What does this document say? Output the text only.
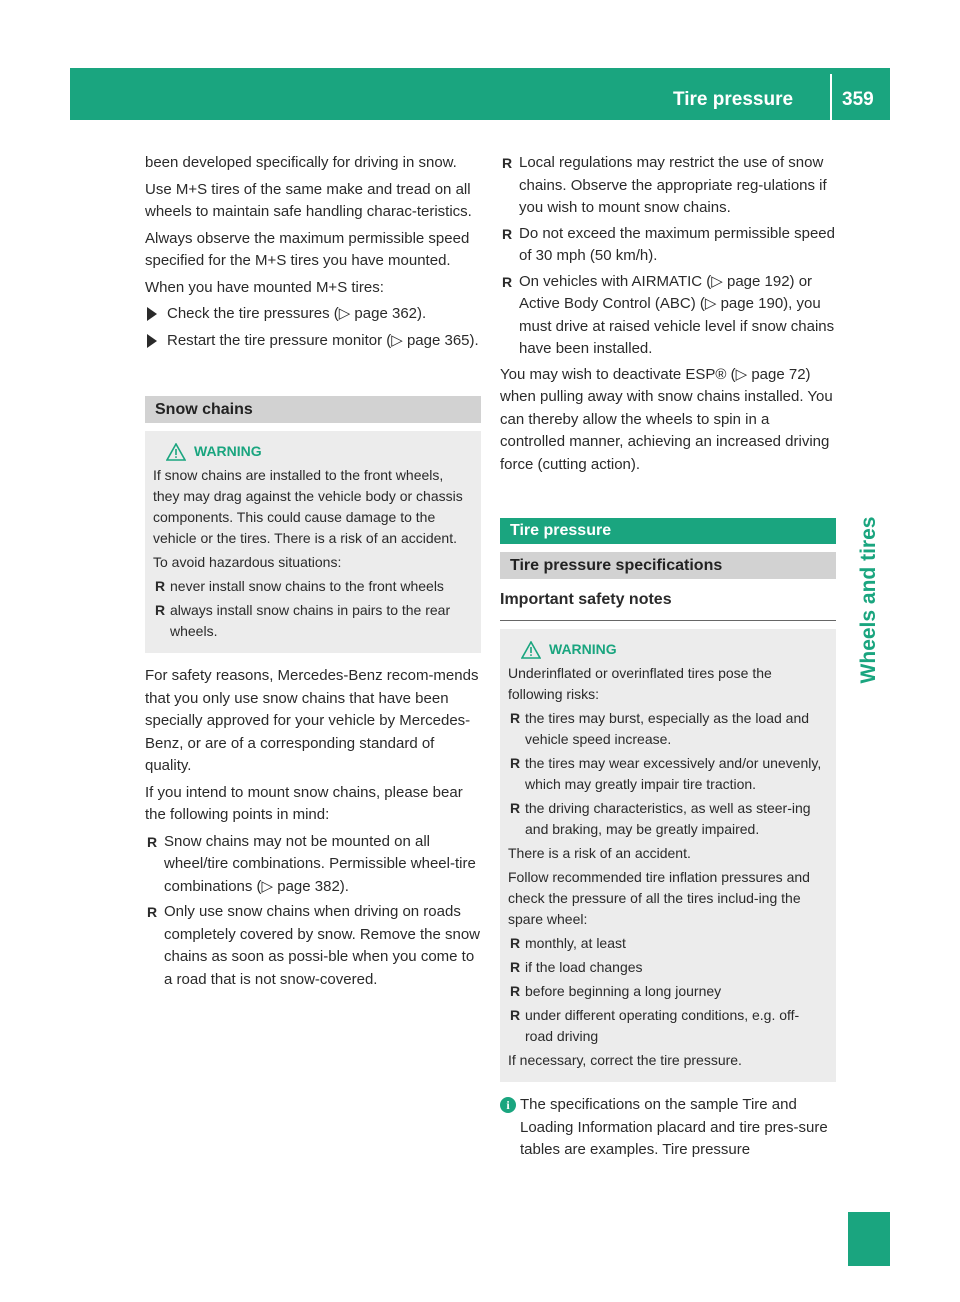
Tire pressure	359
Wheels and tires

been developed specifically for driving in snow.

Use M+S tires of the same make and tread on all wheels to maintain safe handling charac-teristics.

Always observe the maximum permissible speed specified for the M+S tires you have mounted.

When you have mounted M+S tires:

Check the tire pressures (▷ page 362).
Restart the tire pressure monitor (▷ page 365).
Snow chains
WARNING

If snow chains are installed to the front wheels, they may drag against the vehicle body or chassis components. This could cause damage to the vehicle or the tires. There is a risk of an accident.

To avoid hazardous situations:

R never install snow chains to the front wheels
R always install snow chains in pairs to the rear wheels.

For safety reasons, Mercedes-Benz recom-mends that you only use snow chains that have been specially approved for your vehicle by Mercedes-Benz, or are of a corresponding standard of quality.

If you intend to mount snow chains, please bear the following points in mind:

R Snow chains may not be mounted on all wheel/tire combinations. Permissible wheel-tire combinations (▷ page 382).
R Only use snow chains when driving on roads completely covered by snow. Remove the snow chains as soon as possi-ble when you come to a road that is not snow-covered.
R Local regulations may restrict the use of snow chains. Observe the appropriate reg-ulations if you wish to mount snow chains.
R Do not exceed the maximum permissible speed of 30 mph (50 km/h).
R On vehicles with AIRMATIC (▷ page 192) or Active Body Control (ABC) (▷ page 190), you must drive at raised vehicle level if snow chains have been installed.

You may wish to deactivate ESP® (▷ page 72) when pulling away with snow chains installed. You can thereby allow the wheels to spin in a controlled manner, achieving an increased driving force (cutting action).

Tire pressure
Tire pressure specifications
Important safety notes
WARNING

Underinflated or overinflated tires pose the following risks:

R the tires may burst, especially as the load and vehicle speed increase.
R the tires may wear excessively and/or unevenly, which may greatly impair tire traction.
R the driving characteristics, as well as steer-ing and braking, may be greatly impaired.

There is a risk of an accident.

Follow recommended tire inflation pressures and check the pressure of all the tires includ-ing the spare wheel:

R monthly, at least
R if the load changes
R before beginning a long journey
R under different operating conditions, e.g. off-road driving

If necessary, correct the tire pressure.

i The specifications on the sample Tire and Loading Information placard and tire pres-sure tables are examples. Tire pressure
